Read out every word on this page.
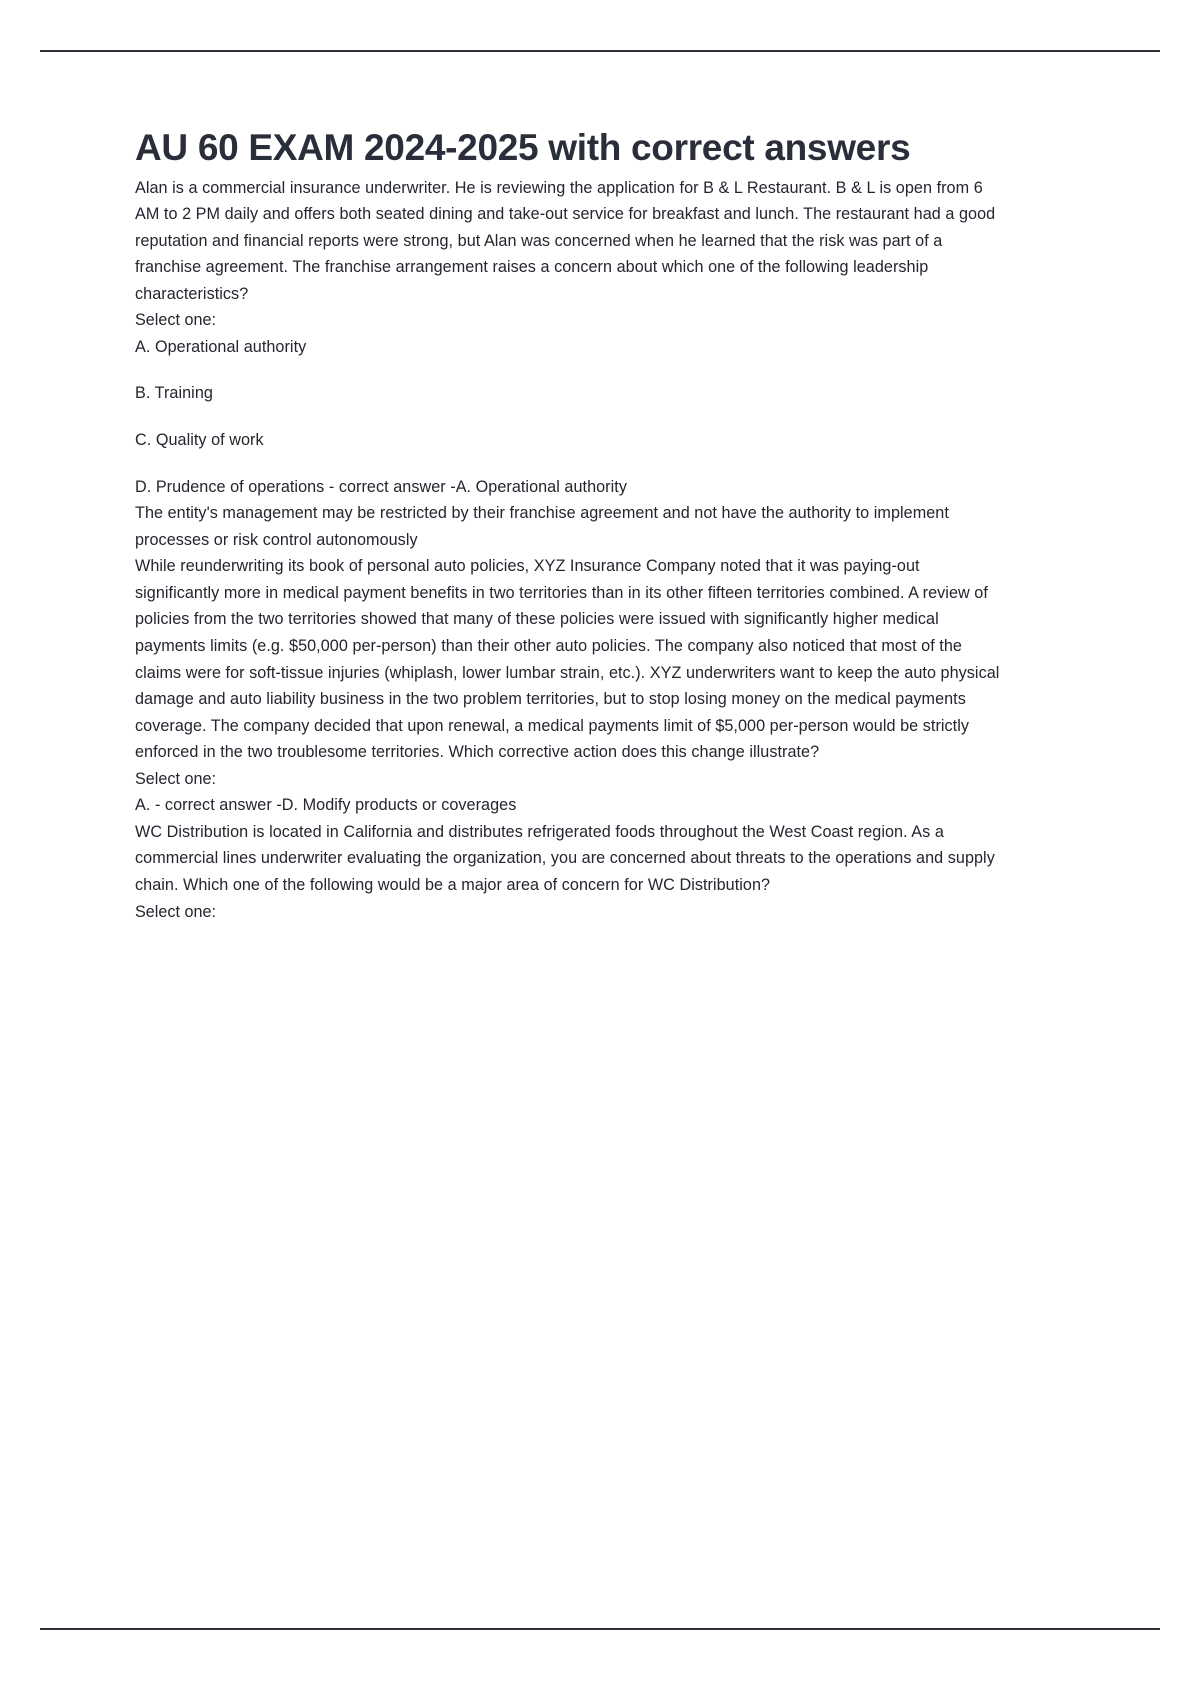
AU 60 EXAM 2024-2025 with correct answers

Alan is a commercial insurance underwriter. He is reviewing the application for B & L Restaurant. B & L is open from 6 AM to 2 PM daily and offers both seated dining and take-out service for breakfast and lunch. The restaurant had a good reputation and financial reports were strong, but Alan was concerned when he learned that the risk was part of a franchise agreement. The franchise arrangement raises a concern about which one of the following leadership characteristics?

Select one:

A. Operational authority

B. Training

C. Quality of work

D. Prudence of operations - correct answer -A. Operational authority

The entity's management may be restricted by their franchise agreement and not have the authority to implement processes or risk control autonomously

While reunderwriting its book of personal auto policies, XYZ Insurance Company noted that it was paying-out significantly more in medical payment benefits in two territories than in its other fifteen territories combined. A review of policies from the two territories showed that many of these policies were issued with significantly higher medical payments limits (e.g. $50,000 per-person) than their other auto policies. The company also noticed that most of the claims were for soft-tissue injuries (whiplash, lower lumbar strain, etc.). XYZ underwriters want to keep the auto physical damage and auto liability business in the two problem territories, but to stop losing money on the medical payments coverage. The company decided that upon renewal, a medical payments limit of $5,000 per-person would be strictly enforced in the two troublesome territories. Which corrective action does this change illustrate?

Select one:

A. - correct answer -D. Modify products or coverages

WC Distribution is located in California and distributes refrigerated foods throughout the West Coast region. As a commercial lines underwriter evaluating the organization, you are concerned about threats to the operations and supply chain. Which one of the following would be a major area of concern for WC Distribution?

Select one:
